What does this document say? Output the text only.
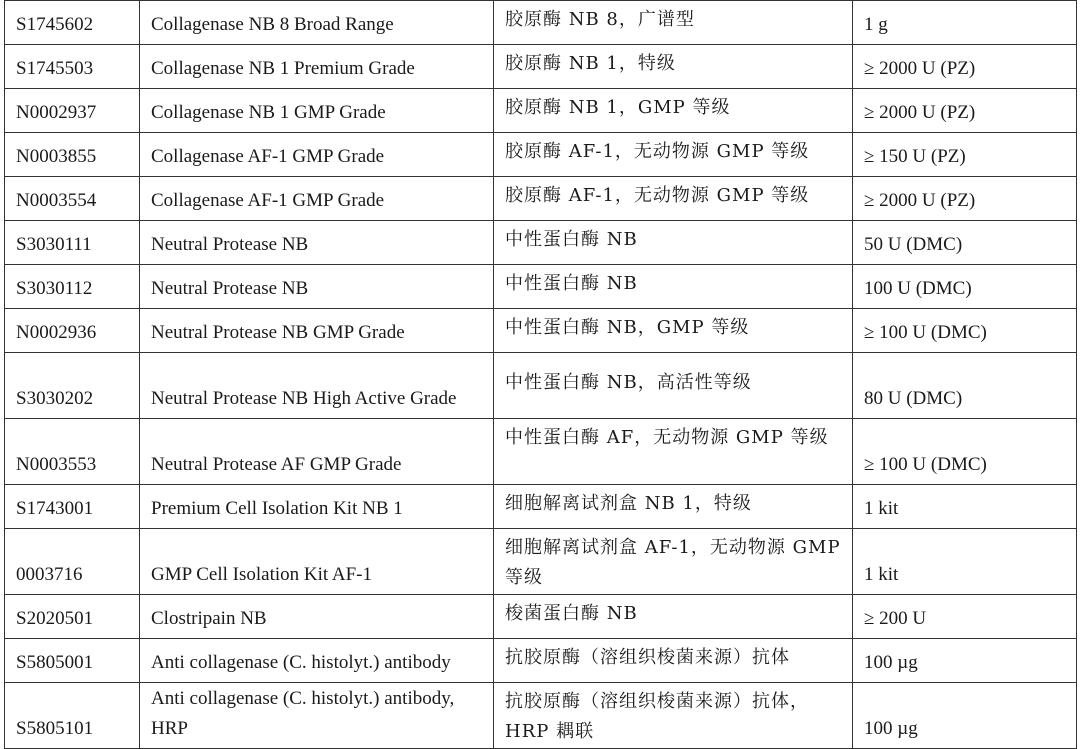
S1745602	Collagenase NB 8 Broad Range	胶原酶 NB 8，广谱型	1 g
S1745503	Collagenase NB 1 Premium Grade	胶原酶 NB 1，特级	≥ 2000 U (PZ)
N0002937	Collagenase NB 1 GMP Grade	胶原酶 NB 1，GMP 等级	≥ 2000 U (PZ)
N0003855	Collagenase AF-1 GMP Grade	胶原酶 AF-1，无动物源 GMP 等级	≥ 150 U (PZ)
N0003554	Collagenase AF-1 GMP Grade	胶原酶 AF-1，无动物源 GMP 等级	≥ 2000 U (PZ)
S3030111	Neutral Protease NB	中性蛋白酶 NB	50 U (DMC)
S3030112	Neutral Protease NB	中性蛋白酶 NB	100 U (DMC)
N0002936	Neutral Protease NB GMP Grade	中性蛋白酶 NB，GMP 等级	≥ 100 U (DMC)
S3030202	Neutral Protease NB High Active Grade	中性蛋白酶 NB，高活性等级	80 U (DMC)
N0003553	Neutral Protease AF GMP Grade	中性蛋白酶 AF，无动物源 GMP 等级	≥ 100 U (DMC)
S1743001	Premium Cell Isolation Kit NB 1	细胞解离试剂盒 NB 1，特级	1 kit
0003716	GMP Cell Isolation Kit AF-1	细胞解离试剂盒 AF-1，无动物源 GMP 等级	1 kit
S2020501	Clostripain NB	梭菌蛋白酶 NB	≥ 200 U
S5805001	Anti collagenase (C. histolyt.) antibody	抗胶原酶（溶组织梭菌来源）抗体	100 µg
S5805101	Anti collagenase (C. histolyt.) antibody, HRP	抗胶原酶（溶组织梭菌来源）抗体，HRP 耦联	100 µg
